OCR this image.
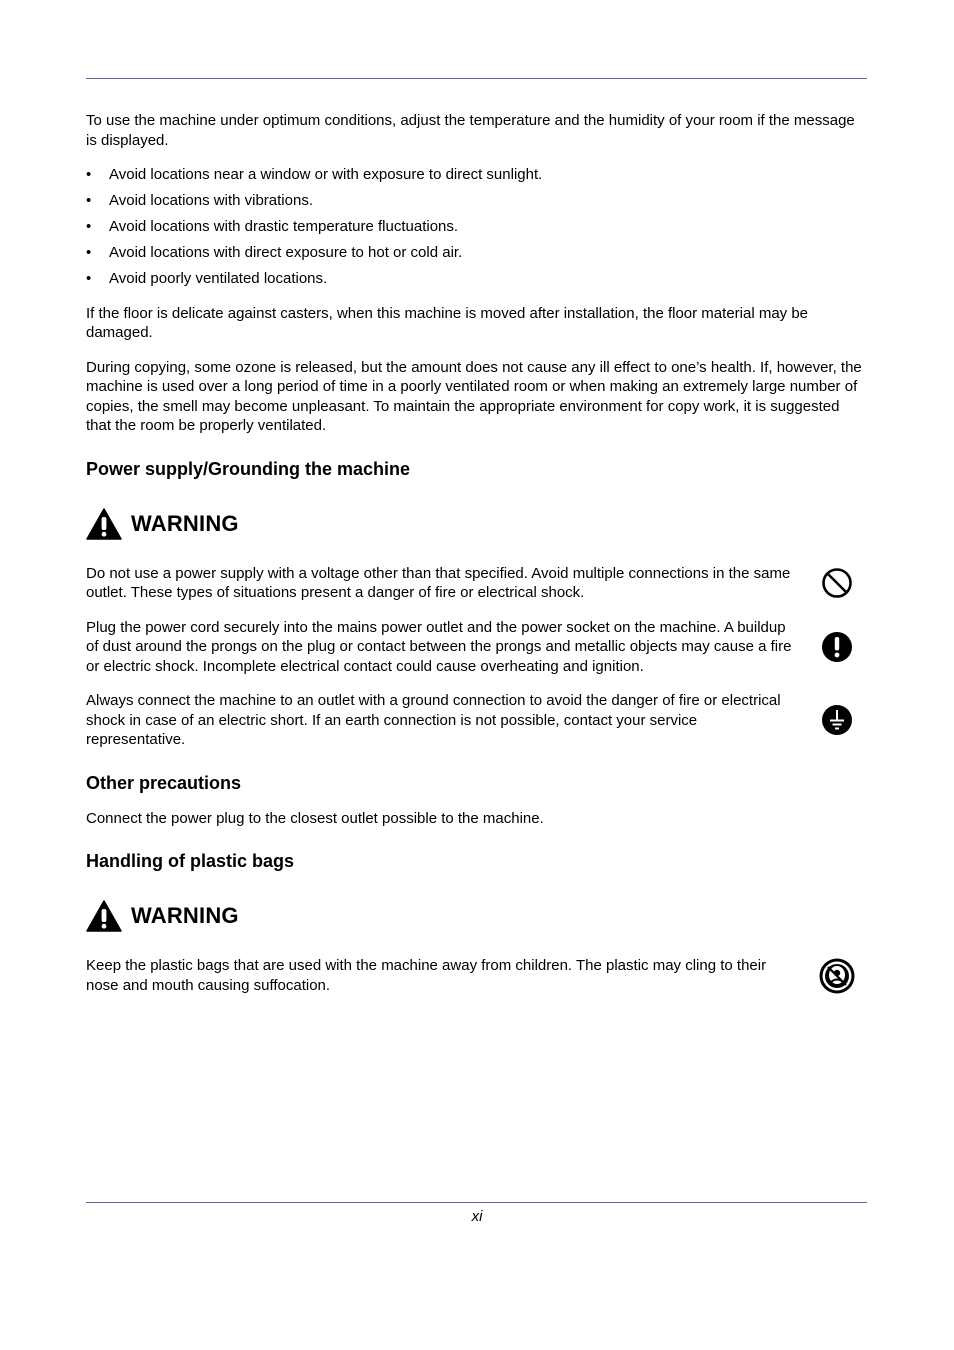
To use the machine under optimum conditions, adjust the temperature and the humidity of your room if the message is displayed.

• Avoid locations near a window or with exposure to direct sunlight.
• Avoid locations with vibrations.
• Avoid locations with drastic temperature fluctuations.
• Avoid locations with direct exposure to hot or cold air.
• Avoid poorly ventilated locations.

If the floor is delicate against casters, when this machine is moved after installation, the floor material may be damaged.

During copying, some ozone is released, but the amount does not cause any ill effect to one’s health. If, however, the machine is used over a long period of time in a poorly ventilated room or when making an extremely large number of copies, the smell may become unpleasant. To maintain the appropriate environment for copy work, it is suggested that the room be properly ventilated.

Power supply/Grounding the machine
WARNING

Do not use a power supply with a voltage other than that specified. Avoid multiple connections in the same outlet. These types of situations present a danger of fire or electrical shock.

Plug the power cord securely into the mains power outlet and the power socket on the machine. A buildup of dust around the prongs on the plug or contact between the prongs and metallic objects may cause a fire or electric shock. Incomplete electrical contact could cause overheating and ignition.

Always connect the machine to an outlet with a ground connection to avoid the danger of fire or electrical shock in case of an electric short. If an earth connection is not possible, contact your service representative.

Other precautions

Connect the power plug to the closest outlet possible to the machine.

Handling of plastic bags
WARNING

Keep the plastic bags that are used with the machine away from children. The plastic may cling to their nose and mouth causing suffocation.

xi
